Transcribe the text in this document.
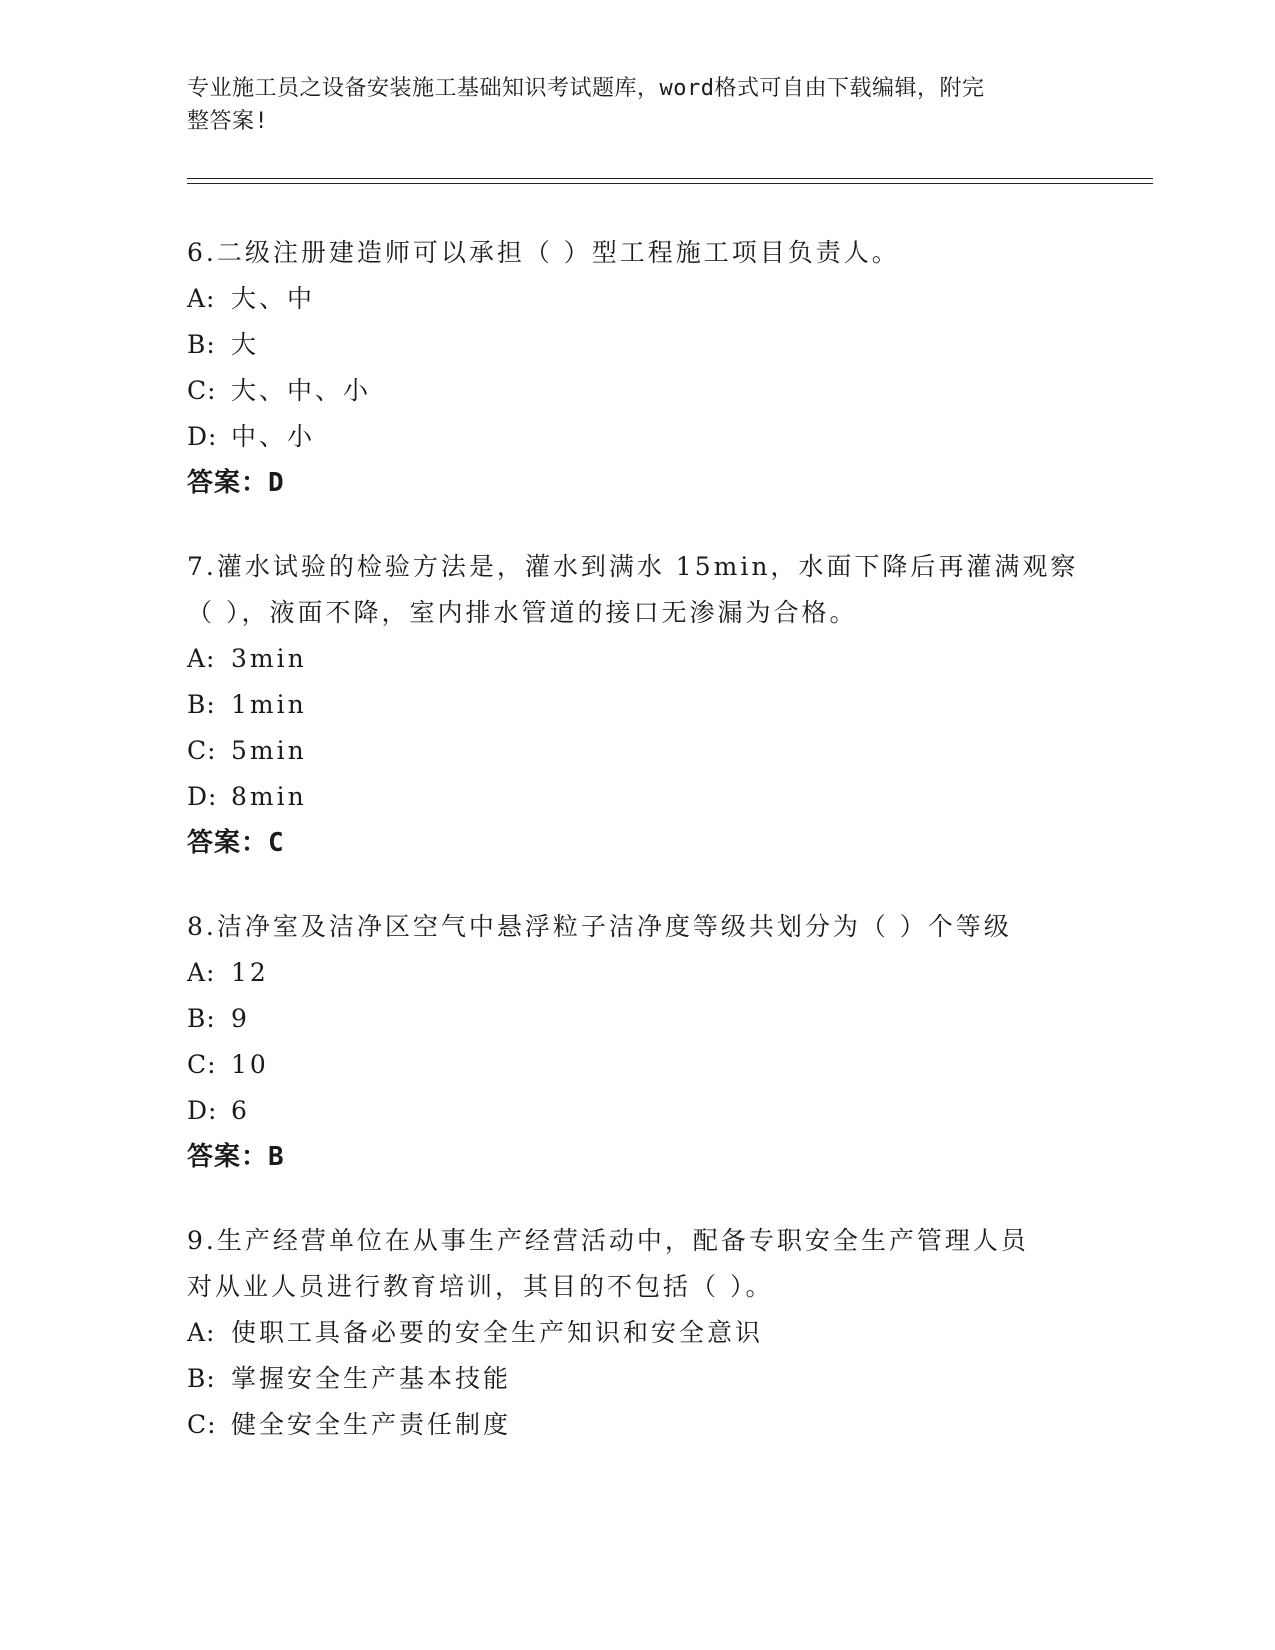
专业施工员之设备安装施工基础知识考试题库，word格式可自由下载编辑，附完
整答案!

6.二级注册建造师可以承担（ ）型工程施工项目负责人。

A: 大、中

B: 大

C: 大、中、小

D: 中、小

答案：D

7.灌水试验的检验方法是，灌水到满水 15min，水面下降后再灌满观察

（ ），液面不降，室内排水管道的接口无渗漏为合格。

A: 3min

B: 1min

C: 5min

D: 8min

答案：C

8.洁净室及洁净区空气中悬浮粒子洁净度等级共划分为（ ）个等级

A: 12

B: 9

C: 10

D: 6

答案：B

9.生产经营单位在从事生产经营活动中，配备专职安全生产管理人员

对从业人员进行教育培训，其目的不包括（ ）。

A: 使职工具备必要的安全生产知识和安全意识

B: 掌握安全生产基本技能

C: 健全安全生产责任制度
